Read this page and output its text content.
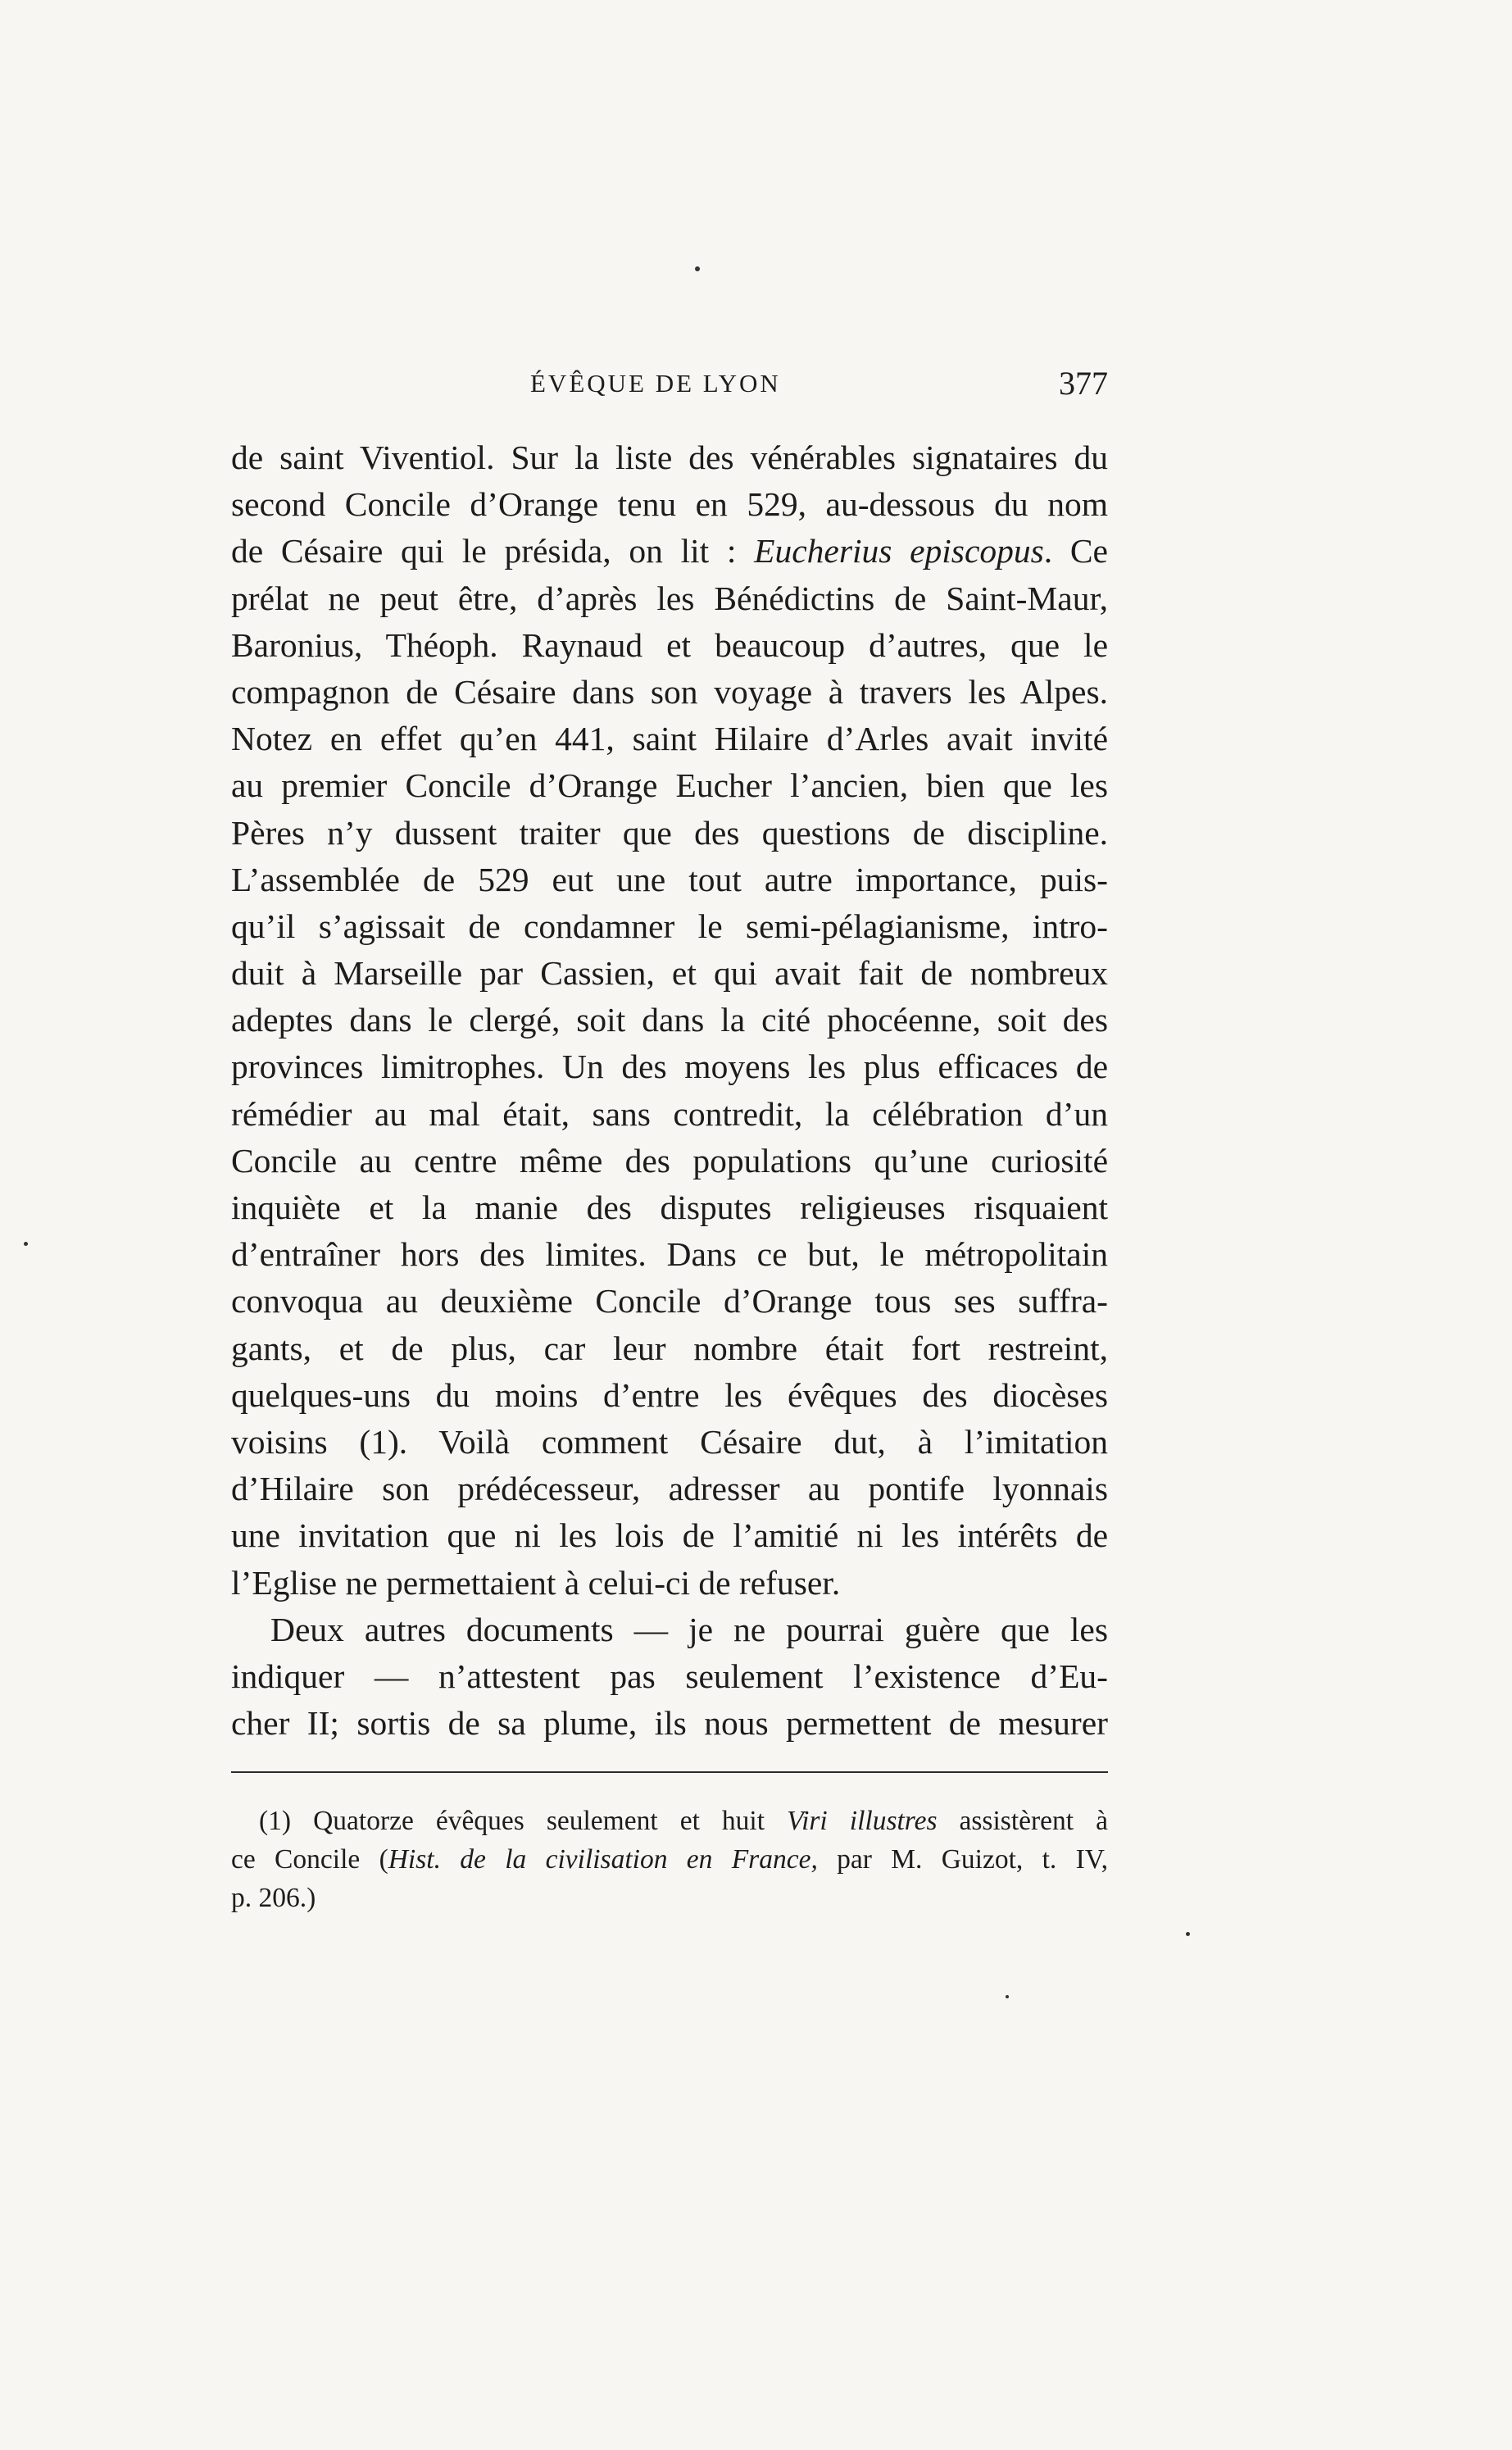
ÉVÊQUE DE LYON	377
de saint Viventiol. Sur la liste des vénérables signataires du
second Concile d’Orange tenu en 529, au-dessous du nom
de Césaire qui le présida, on lit : Eucherius episcopus. Ce
prélat ne peut être, d’après les Bénédictins de Saint-Maur,
Baronius, Théoph. Raynaud et beaucoup d’autres, que le
compagnon de Césaire dans son voyage à travers les Alpes.
Notez en effet qu’en 441, saint Hilaire d’Arles avait invité
au premier Concile d’Orange Eucher l’ancien, bien que les
Pères n’y dussent traiter que des questions de discipline.
L’assemblée de 529 eut une tout autre importance, puis-
qu’il s’agissait de condamner le semi-pélagianisme, intro-
duit à Marseille par Cassien, et qui avait fait de nombreux
adeptes dans le clergé, soit dans la cité phocéenne, soit des
provinces limitrophes. Un des moyens les plus efficaces de
rémédier au mal était, sans contredit, la célébration d’un
Concile au centre même des populations qu’une curiosité
inquiète et la manie des disputes religieuses risquaient
d’entraîner hors des limites. Dans ce but, le métropolitain
convoqua au deuxième Concile d’Orange tous ses suffra-
gants, et de plus, car leur nombre était fort restreint,
quelques-uns du moins d’entre les évêques des diocèses
voisins (1). Voilà comment Césaire dut, à l’imitation
d’Hilaire son prédécesseur, adresser au pontife lyonnais
une invitation que ni les lois de l’amitié ni les intérêts de
l’Eglise ne permettaient à celui-ci de refuser.
Deux autres documents — je ne pourrai guère que les
indiquer — n’attestent pas seulement l’existence d’Eu-
cher II; sortis de sa plume, ils nous permettent de mesurer
(1) Quatorze évêques seulement et huit Viri illustres assistèrent à
ce Concile (Hist. de la civilisation en France, par M. Guizot, t. IV,
p. 206.)
